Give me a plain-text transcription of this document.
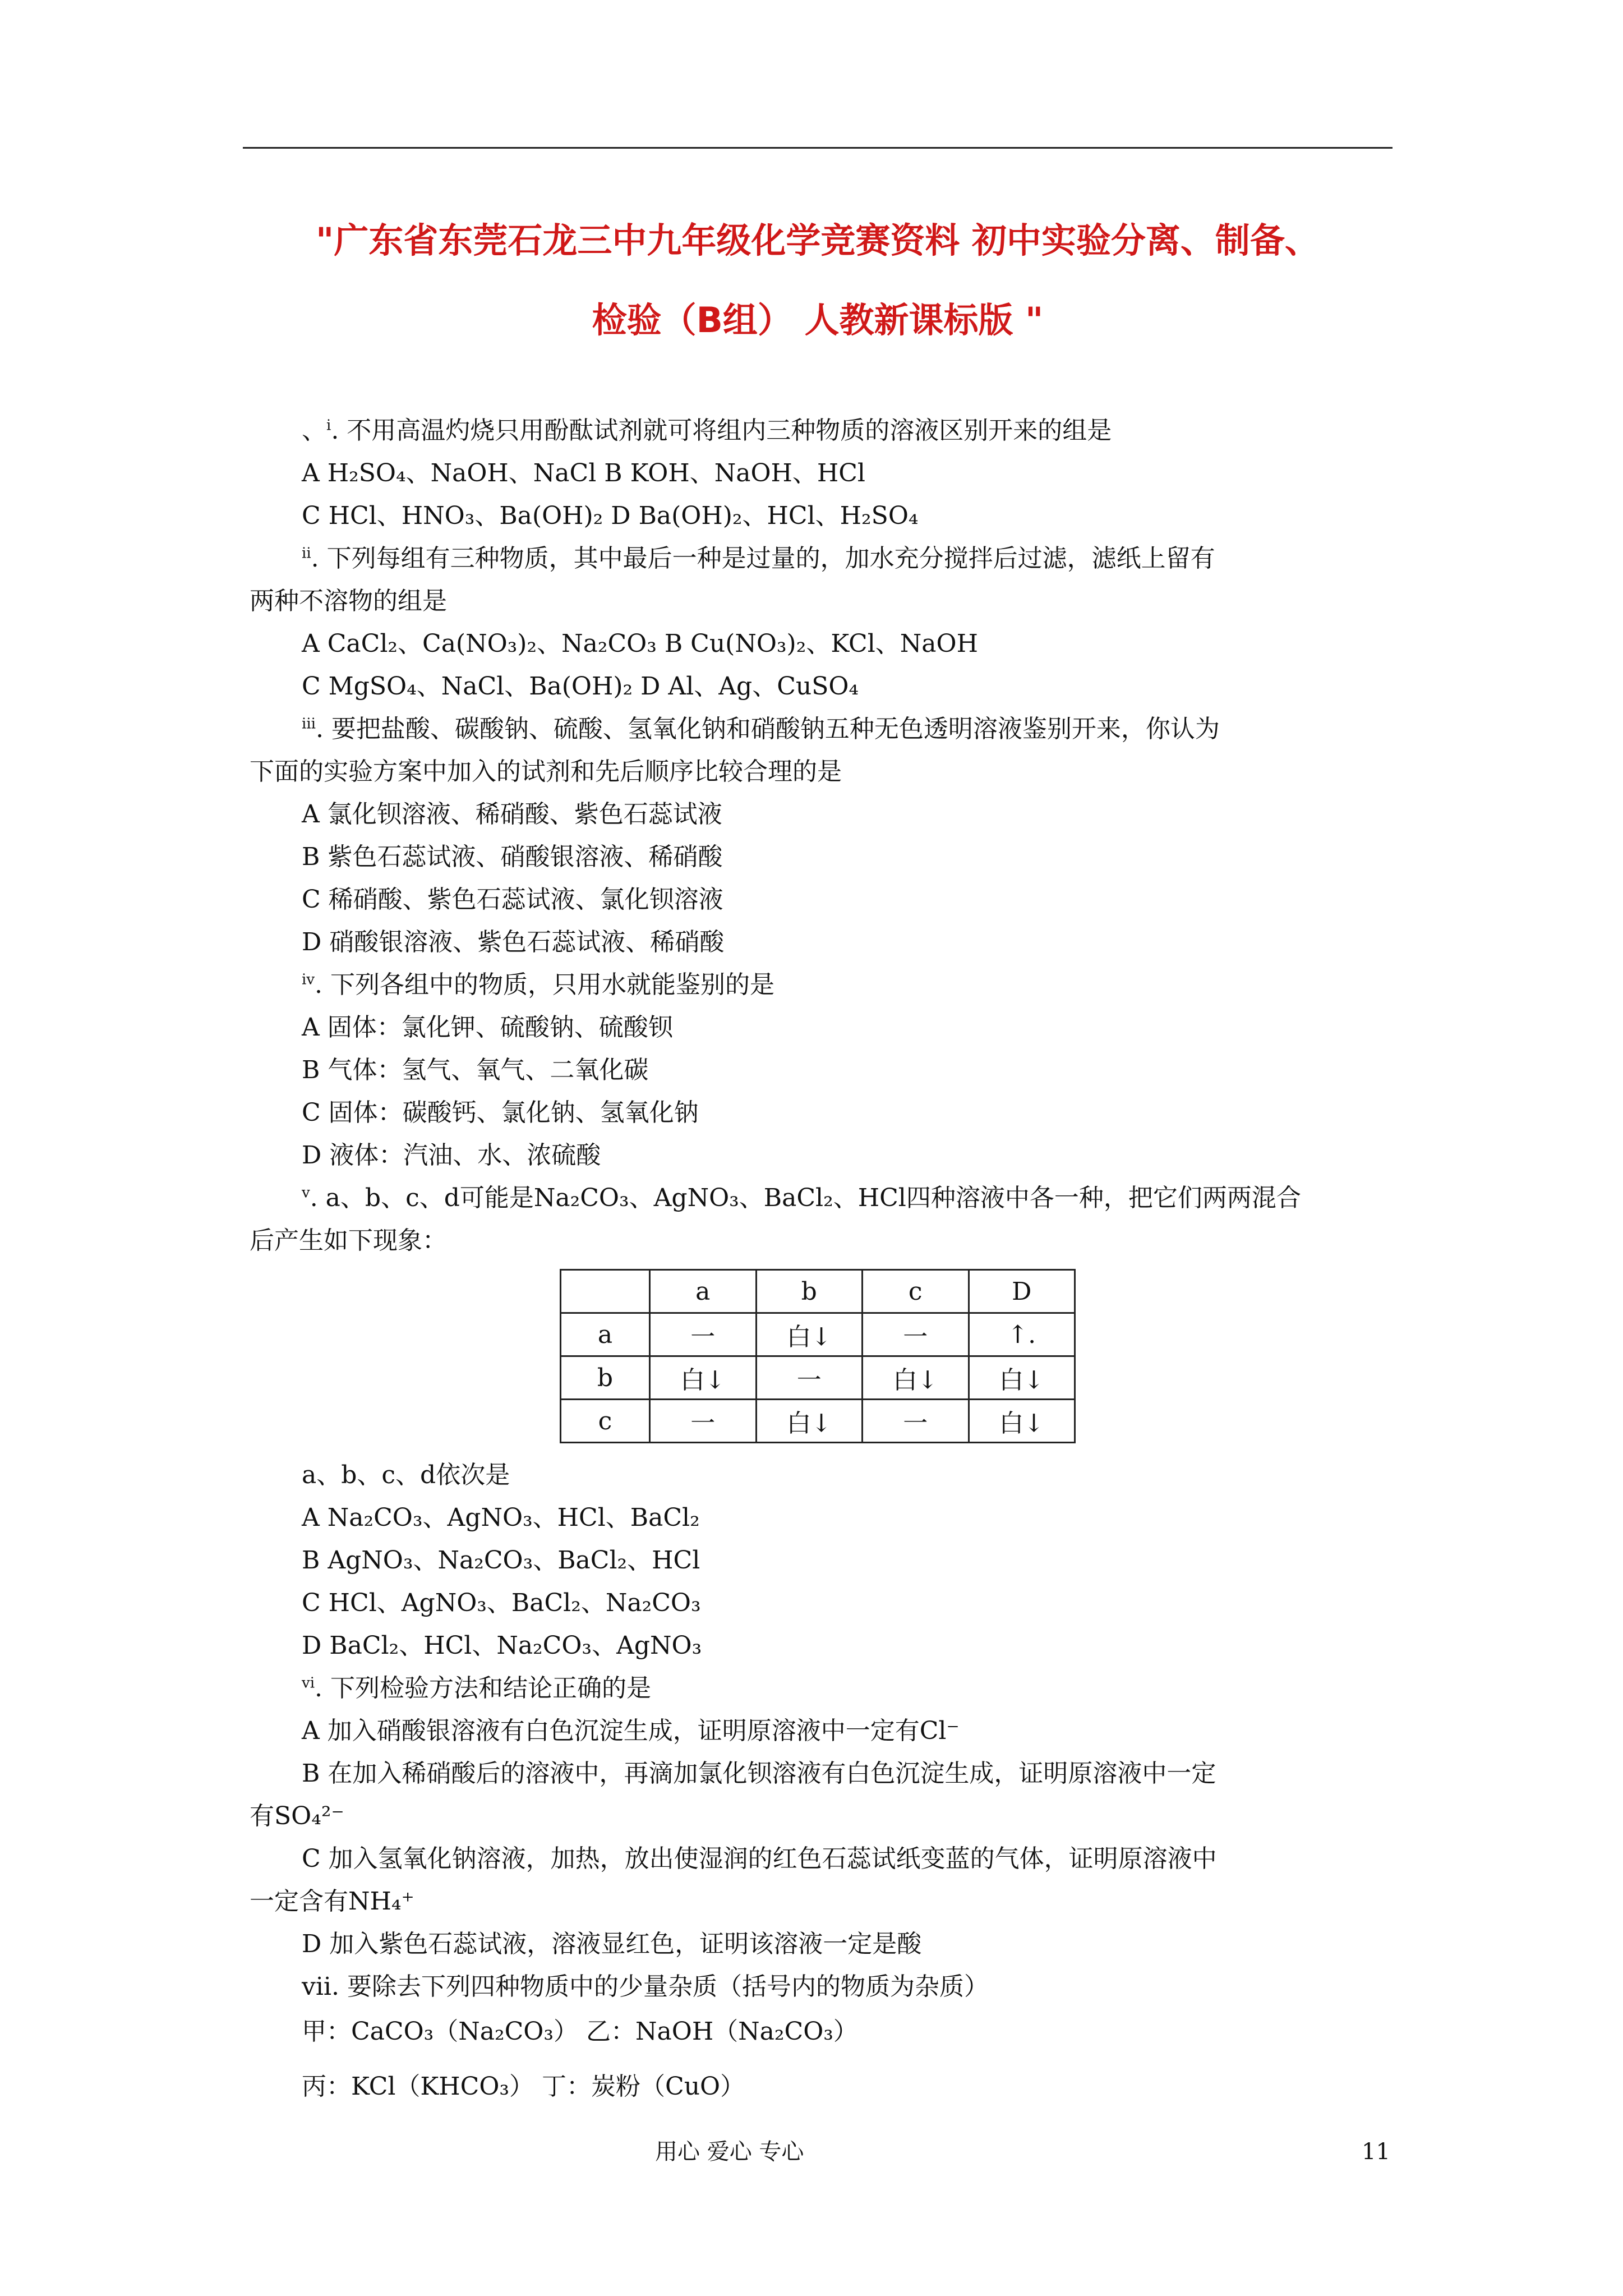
"广东省东莞石龙三中九年级化学竞赛资料 初中实验分离、制备、
检验（B组） 人教新课标版 "
、$^i$. 不用高温灼烧只用酚酞试剂就可将组内三种物质的溶液区别开来的组是
A H₂SO₄、NaOH、NaCl B KOH、NaOH、HCl
C HCl、HNO₃、Ba(OH)₂ D Ba(OH)₂、HCl、H₂SO₄
$^{ii}$. 下列每组有三种物质，其中最后一种是过量的，加水充分搅拌后过滤，滤纸上留有
两种不溶物的组是
A CaCl₂、Ca(NO₃)₂、Na₂CO₃ B Cu(NO₃)₂、KCl、NaOH
C MgSO₄、NaCl、Ba(OH)₂ D Al、Ag、CuSO₄
$^{iii}$. 要把盐酸、碳酸钠、硫酸、氢氧化钠和硝酸钠五种无色透明溶液鉴别开来，你认为
下面的实验方案中加入的试剂和先后顺序比较合理的是
A 氯化钡溶液、稀硝酸、紫色石蕊试液
B 紫色石蕊试液、硝酸银溶液、稀硝酸
C 稀硝酸、紫色石蕊试液、氯化钡溶液
D 硝酸银溶液、紫色石蕊试液、稀硝酸
$^{iv}$. 下列各组中的物质，只用水就能鉴别的是
A 固体：氯化钾、硫酸钠、硫酸钡
B 气体：氢气、氧气、二氧化碳
C 固体：碳酸钙、氯化钠、氢氧化钠
D 液体：汽油、水、浓硫酸
$^v$. a、b、c、d可能是Na₂CO₃、AgNO₃、BaCl₂、HCl四种溶液中各一种，把它们两两混合
后产生如下现象：
	a	b	c	D
a	一	白↓	一	↑.
b	白↓	一	白↓	白↓
c	一	白↓	一	白↓
a、b、c、d依次是
A Na₂CO₃、AgNO₃、HCl、BaCl₂
B AgNO₃、Na₂CO₃、BaCl₂、HCl
C HCl、AgNO₃、BaCl₂、Na₂CO₃
D BaCl₂、HCl、Na₂CO₃、AgNO₃
$^{vi}$. 下列检验方法和结论正确的是
A 加入硝酸银溶液有白色沉淀生成，证明原溶液中一定有Cl⁻
B 在加入稀硝酸后的溶液中，再滴加氯化钡溶液有白色沉淀生成，证明原溶液中一定
有SO₄²⁻
C 加入氢氧化钠溶液，加热，放出使湿润的红色石蕊试纸变蓝的气体，证明原溶液中
一定含有NH₄⁺
D 加入紫色石蕊试液，溶液显红色，证明该溶液一定是酸
vii. 要除去下列四种物质中的少量杂质（括号内的物质为杂质）
甲：CaCO₃（Na₂CO₃） 乙：NaOH（Na₂CO₃）
丙：KCl（KHCO₃） 丁：炭粉（CuO）
用心 爱心 专心	11
